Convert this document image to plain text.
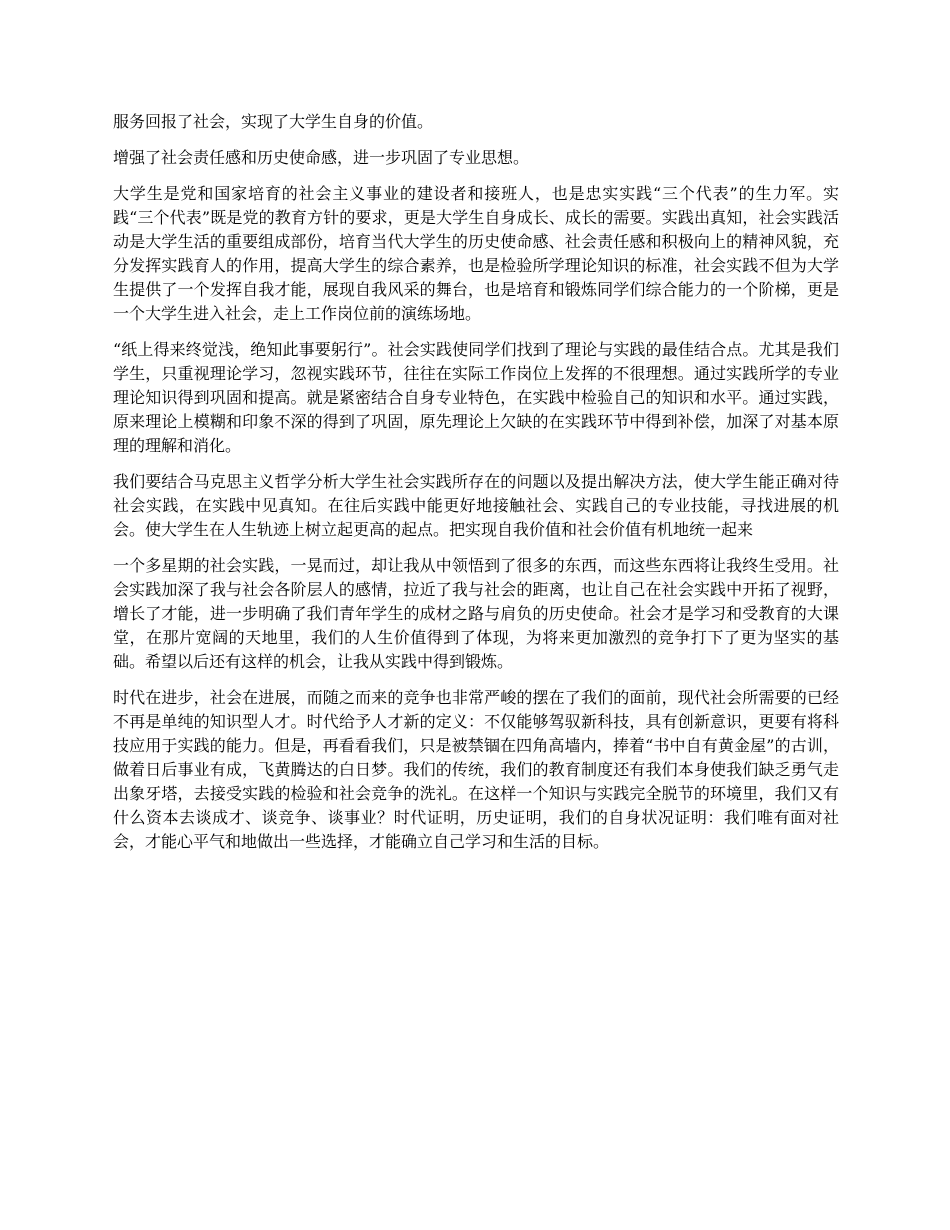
服务回报了社会，实现了大学生自身的价值。

增强了社会责任感和历史使命感，进一步巩固了专业思想。

大学生是党和国家培育的社会主义事业的建设者和接班人，也是忠实实践“三个代表”的生力军。实践“三个代表”既是党的教育方针的要求，更是大学生自身成长、成长的需要。实践出真知，社会实践活动是大学生活的重要组成部份，培育当代大学生的历史使命感、社会责任感和积极向上的精神风貌，充分发挥实践育人的作用，提高大学生的综合素养，也是检验所学理论知识的标准，社会实践不但为大学生提供了一个发挥自我才能，展现自我风采的舞台，也是培育和锻炼同学们综合能力的一个阶梯，更是一个大学生进入社会，走上工作岗位前的演练场地。

“纸上得来终觉浅，绝知此事要躬行”。社会实践使同学们找到了理论与实践的最佳结合点。尤其是我们学生，只重视理论学习，忽视实践环节，往往在实际工作岗位上发挥的不很理想。通过实践所学的专业理论知识得到巩固和提高。就是紧密结合自身专业特色，在实践中检验自己的知识和水平。通过实践，原来理论上模糊和印象不深的得到了巩固，原先理论上欠缺的在实践环节中得到补偿，加深了对基本原理的理解和消化。

我们要结合马克思主义哲学分析大学生社会实践所存在的问题以及提出解决方法，使大学生能正确对待社会实践，在实践中见真知。在往后实践中能更好地接触社会、实践自己的专业技能，寻找进展的机会。使大学生在人生轨迹上树立起更高的起点。把实现自我价值和社会价值有机地统一起来

一个多星期的社会实践，一晃而过，却让我从中领悟到了很多的东西，而这些东西将让我终生受用。社会实践加深了我与社会各阶层人的感情，拉近了我与社会的距离，也让自己在社会实践中开拓了视野，增长了才能，进一步明确了我们青年学生的成材之路与肩负的历史使命。社会才是学习和受教育的大课堂，在那片宽阔的天地里，我们的人生价值得到了体现，为将来更加激烈的竞争打下了更为坚实的基础。希望以后还有这样的机会，让我从实践中得到锻炼。

时代在进步，社会在进展，而随之而来的竞争也非常严峻的摆在了我们的面前，现代社会所需要的已经不再是单纯的知识型人才。时代给予人才新的定义：不仅能够驾驭新科技，具有创新意识，更要有将科技应用于实践的能力。但是，再看看我们，只是被禁锢在四角高墙内，捧着“书中自有黄金屋”的古训，做着日后事业有成，飞黄腾达的白日梦。我们的传统，我们的教育制度还有我们本身使我们缺乏勇气走出象牙塔，去接受实践的检验和社会竞争的洗礼。在这样一个知识与实践完全脱节的环境里，我们又有什么资本去谈成才、谈竞争、谈事业？时代证明，历史证明，我们的自身状况证明：我们唯有面对社会，才能心平气和地做出一些选择，才能确立自己学习和生活的目标。
